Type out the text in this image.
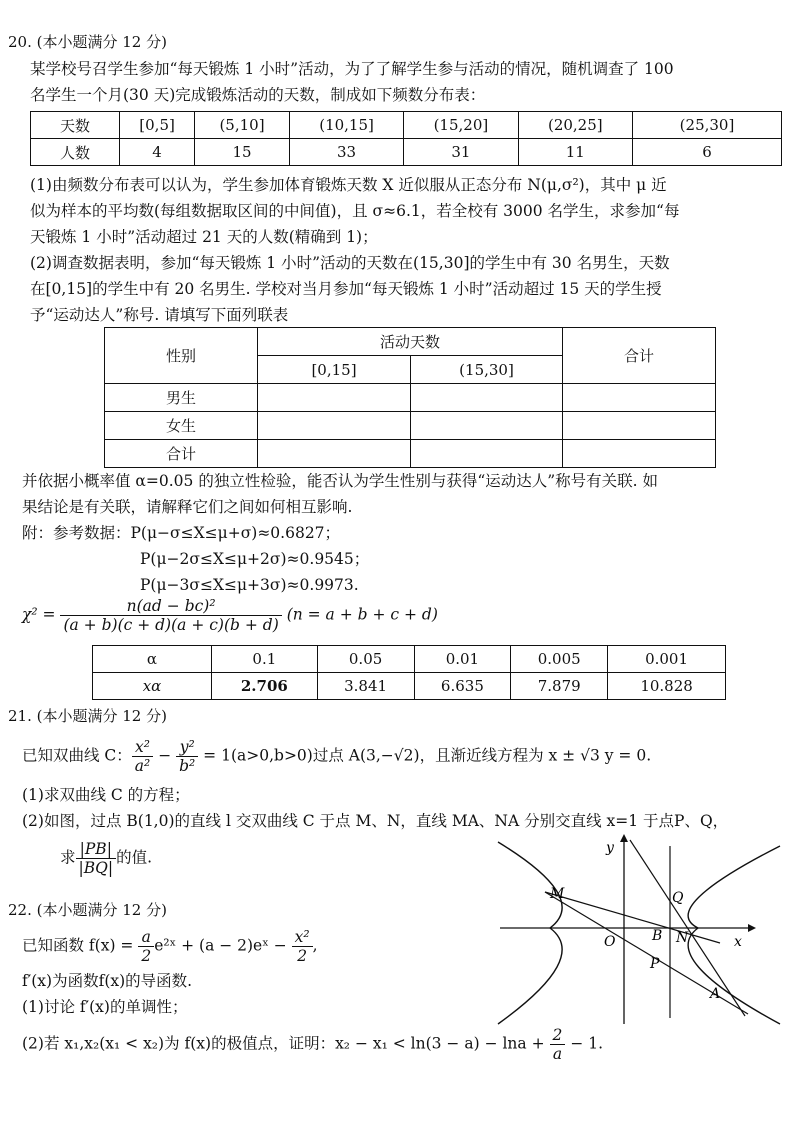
20. (本小题满分 12 分)
某学校号召学生参加“每天锻炼 1 小时”活动，为了了解学生参与活动的情况，随机调查了 100
名学生一个月(30 天)完成锻炼活动的天数，制成如下频数分布表：
天数	[0,5]	(5,10]	(10,15]	(15,20]	(20,25]	(25,30]
人数	4	15	33	31	11	6
(1)由频数分布表可以认为，学生参加体育锻炼天数 X 近似服从正态分布 N(μ,σ²)，其中 μ 近
似为样本的平均数(每组数据取区间的中间值)，且 σ≈6.1，若全校有 3000 名学生，求参加“每
天锻炼 1 小时”活动超过 21 天的人数(精确到 1)；
(2)调查数据表明，参加“每天锻炼 1 小时”活动的天数在(15,30]的学生中有 30 名男生，天数
在[0,15]的学生中有 20 名男生. 学校对当月参加“每天锻炼 1 小时”活动超过 15 天的学生授
予“运动达人”称号. 请填写下面列联表
性别	活动天数		合计
	[0,15]	(15,30]	
男生			
女生			
合计			
并依据小概率值 α=0.05 的独立性检验，能否认为学生性别与获得“运动达人”称号有关联. 如
果结论是有关联，请解释它们之间如何相互影响.
附：参考数据：P(μ−σ≤X≤μ+σ)≈0.6827；
P(μ−2σ≤X≤μ+2σ)≈0.9545；
P(μ−3σ≤X≤μ+3σ)≈0.9973.
$\chi^2 = \frac{\text{n(ad − bc)²}}{(a + b)(c + d)(a + c)(b + d)} (n = a + b + c + d)$
α	0.1	0.05	0.01	0.005	0.001
xα	2.706	3.841	6.635	7.879	10.828
21. (本小题满分 12 分)
已知双曲线 C： $\frac{\text{x²}}{\text{a²}} - \frac{\text{y²}}{\text{b²}} = 1(a>0,b>0)$过点 A(3,−√2)，且渐近线方程为 x ± √3 y = 0.
(1)求双曲线 C 的方程；
(2)如图，过点 B(1,0)的直线 l 交双曲线 C 于点 M、N，直线 MA、NA 分别交直线 x=1 于点P、Q，
求 $\frac{|PB|}{|BQ|}$ 的值.
y
x
O
M	Q
B N
P
A
22. (本小题满分 12 分)
已知函数 $f(x) = \frac{a}{2}$ e²ˣ + (a − 2)eˣ − $\frac{\text{x²}}{2}$ ,
f′(x)为函数f(x)的导函数.
(1)讨论 f′(x)的单调性；
(2)若 x₁,x₂(x₁ < x₂)为 f(x)的极值点，证明：$x_2 - x_1 < \ln(3 - a) - \ln a + \frac{2}{a} - 1$.
